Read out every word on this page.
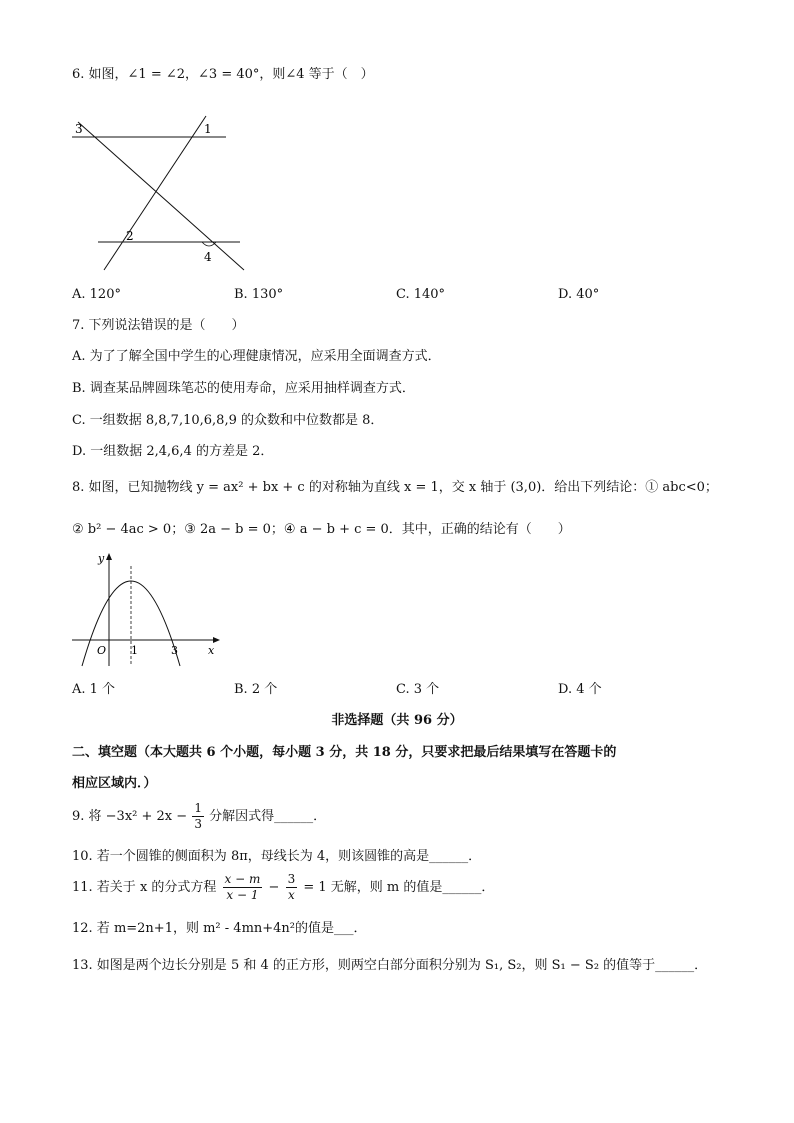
6. 如图，∠1 = ∠2，∠3 = 40°，则∠4 等于（　）
3	1
2
4
A. 120°	B. 130°	C. 140°	D. 40°
7. 下列说法错误的是（　　）
A. 为了了解全国中学生的心理健康情况，应采用全面调查方式．
B. 调查某品牌圆珠笔芯的使用寿命，应采用抽样调查方式．
C. 一组数据 8,8,7,10,6,8,9 的众数和中位数都是 8．
D. 一组数据 2,4,6,4 的方差是 2．
8. 如图，已知抛物线 y = ax² + bx + c 的对称轴为直线 x = 1，交 x 轴于 (3,0)．给出下列结论：① abc<0；
② b² − 4ac > 0；③ 2a − b = 0；④ a − b + c = 0．其中，正确的结论有（　　）
y
x
O 1	3
A. 1 个	B. 2 个	C. 3 个	D. 4 个
非选择题（共 96 分）
二、填空题（本大题共 6 个小题，每小题 3 分，共 18 分，只要求把最后结果填写在答题卡的
相应区域内．）
9. 将 $-3x^2 + 2x - \frac{1}{3}$ 分解因式得______．
10. 若一个圆锥的侧面积为 8π，母线长为 4，则该圆锥的高是______．
11. 若关于 x 的分式方程 $\frac{x - m}{x - 1} - \frac{3}{x} = 1$ 无解，则 m 的值是______．
12. 若 m=2n+1，则 m² - 4mn+4n²的值是___．
13. 如图是两个边长分别是 5 和 4 的正方形，则两空白部分面积分别为 S₁, S₂，则 S₁ − S₂ 的值等于______．
